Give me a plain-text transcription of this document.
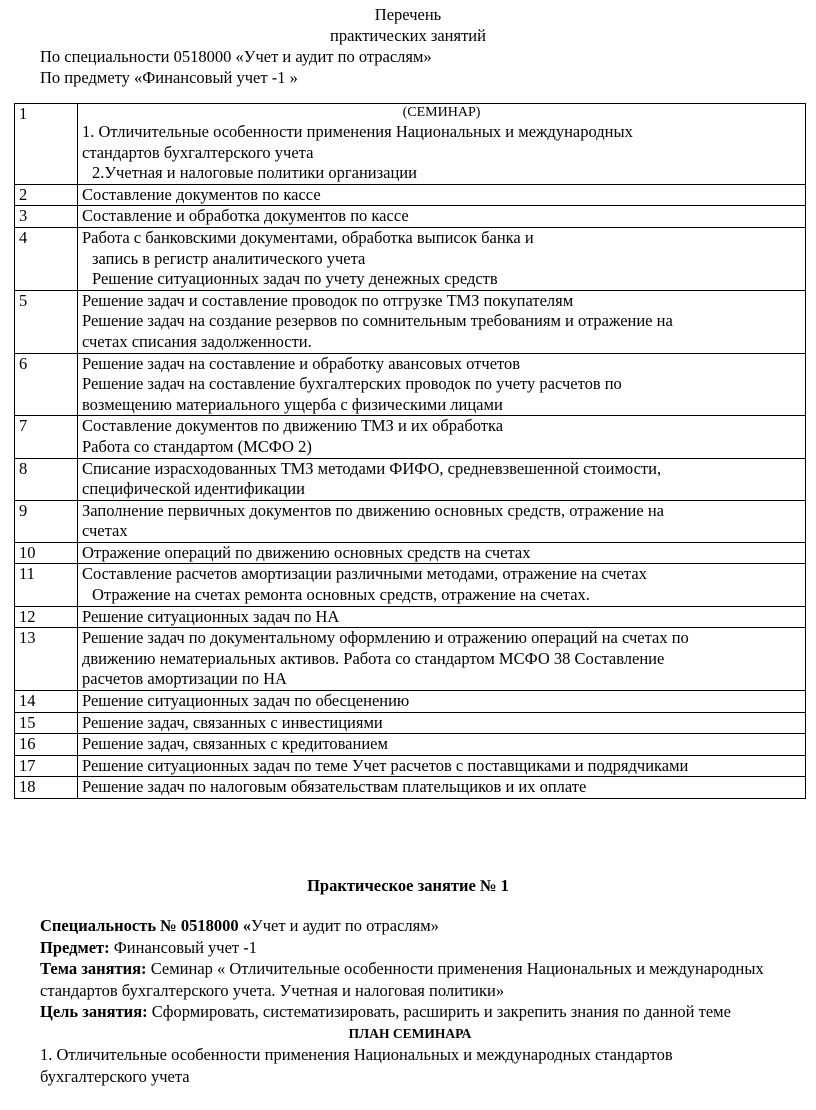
Перечень
практических занятий
По специальности 0518000 «Учет и аудит по отраслям»
По предмету «Финансовый учет -1 »
1	(СЕМИНАР)
1. Отличительные особенности применения Национальных и международных
стандартов бухгалтерского учета
2.Учетная и налоговые политики организации

2	Составление документов по кассе

3	Составление и обработка документов по кассе

4	Работа с банковскими документами, обработка выписок банка и
запись в регистр аналитического учета
Решение ситуационных задач по учету денежных средств

5	Решение задач и составление проводок по отгрузке ТМЗ покупателям
Решение задач на создание резервов по сомнительным требованиям и отражение на
счетах списания задолженности.

6	Решение задач на составление и обработку авансовых отчетов
Решение задач на составление бухгалтерских проводок по учету расчетов по
возмещению материального ущерба с физическими лицами

7	Составление документов по движению ТМЗ и их обработка
Работа со стандартом (МСФО 2)

8	Списание израсходованных ТМЗ методами ФИФО, средневзвешенной стоимости,
специфической идентификации

9	Заполнение первичных документов по движению основных средств, отражение на
счетах

10	Отражение операций по движению основных средств на счетах

11	Составление расчетов амортизации различными методами, отражение на счетах
Отражение на счетах ремонта основных средств, отражение на счетах.

12	Решение ситуационных задач по НА

13	Решение задач по документальному оформлению и отражению операций на счетах по
движению нематериальных активов. Работа со стандартом МСФО 38 Составление
расчетов амортизации по НА

14	Решение ситуационных задач по обесценению

15	Решение задач, связанных с инвестициями

16	Решение задач, связанных с кредитованием

17	Решение ситуационных задач по теме Учет расчетов с поставщиками и подрядчиками

18	Решение задач по налоговым обязательствам плательщиков и их оплате
Практическое занятие № 1
Специальность № 0518000 «Учет и аудит по отраслям»
Предмет: Финансовый учет -1
Тема занятия: Семинар « Отличительные особенности применения Национальных и международных стандартов бухгалтерского учета. Учетная и налоговая политики»
Цель занятия: Сформировать, систематизировать, расширить и закрепить знания по данной теме
ПЛАН СЕМИНАРА
1. Отличительные особенности применения Национальных и международных стандартов бухгалтерского учета
